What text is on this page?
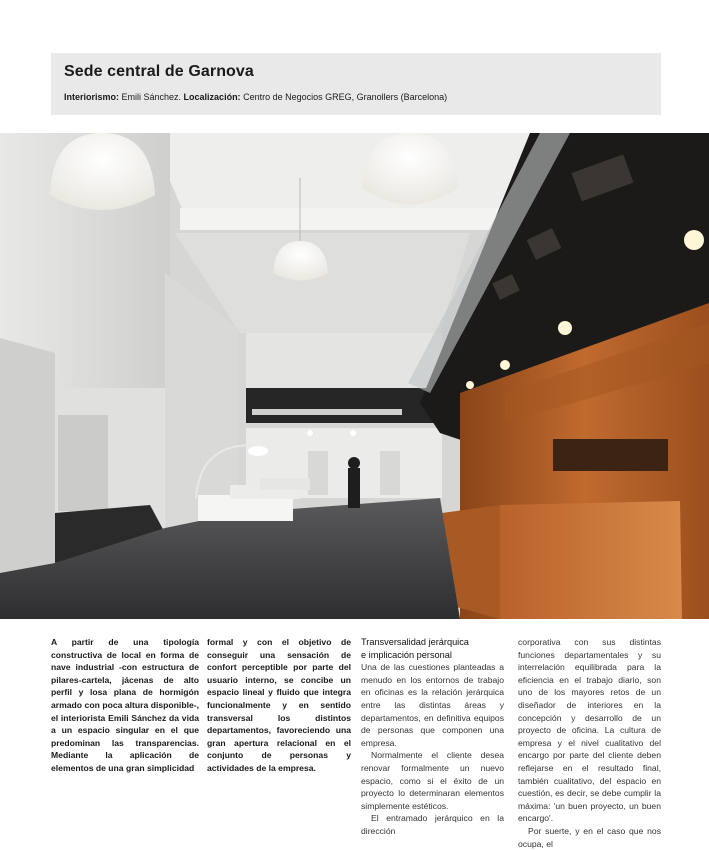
Sede central de Garnova
Interiorismo: Emili Sánchez. Localización: Centro de Negocios GREG, Granollers (Barcelona)

A partir de una tipología constructiva de local en forma de nave industrial -con estructura de pilares-cartela, jácenas de alto perfil y losa plana de hormigón armado con poca altura disponible-, el interiorista Emili Sánchez da vida a un espacio singular en el que predominan las transparencias. Mediante la aplicación de elementos de una gran simplicidad

formal y con el objetivo de conseguir una sensación de confort perceptible por parte del usuario interno, se concibe un espacio lineal y fluido que integra funcionalmente y en sentido transversal los distintos departamentos, favoreciendo una gran apertura relacional en el conjunto de personas y actividades de la empresa.

Transversalidad jerárquica

e implicación personal

Una de las cuestiones planteadas a menudo en los entornos de trabajo en oficinas es la relación jerárquica entre las distintas áreas y departamentos, en definitiva equipos de personas que componen una empresa.

Normalmente el cliente desea renovar formalmente un nuevo espacio, como si el éxito de un proyecto lo determinaran elementos simplemente estéticos.

El entramado jerárquico en la dirección

corporativa con sus distintas funciones departamentales y su interrelación equilibrada para la eficiencia en el trabajo diario, son uno de los mayores retos de un diseñador de interiores en la concepción y desarrollo de un proyecto de oficina. La cultura de empresa y el nivel cualitativo del encargo por parte del cliente deben reflejarse en el resultado final, también cualitativo, del espacio en cuestión, es decir, se debe cumplir la máxima: 'un buen proyecto, un buen encargo'.

Por suerte, y en el caso que nos ocupa, el
